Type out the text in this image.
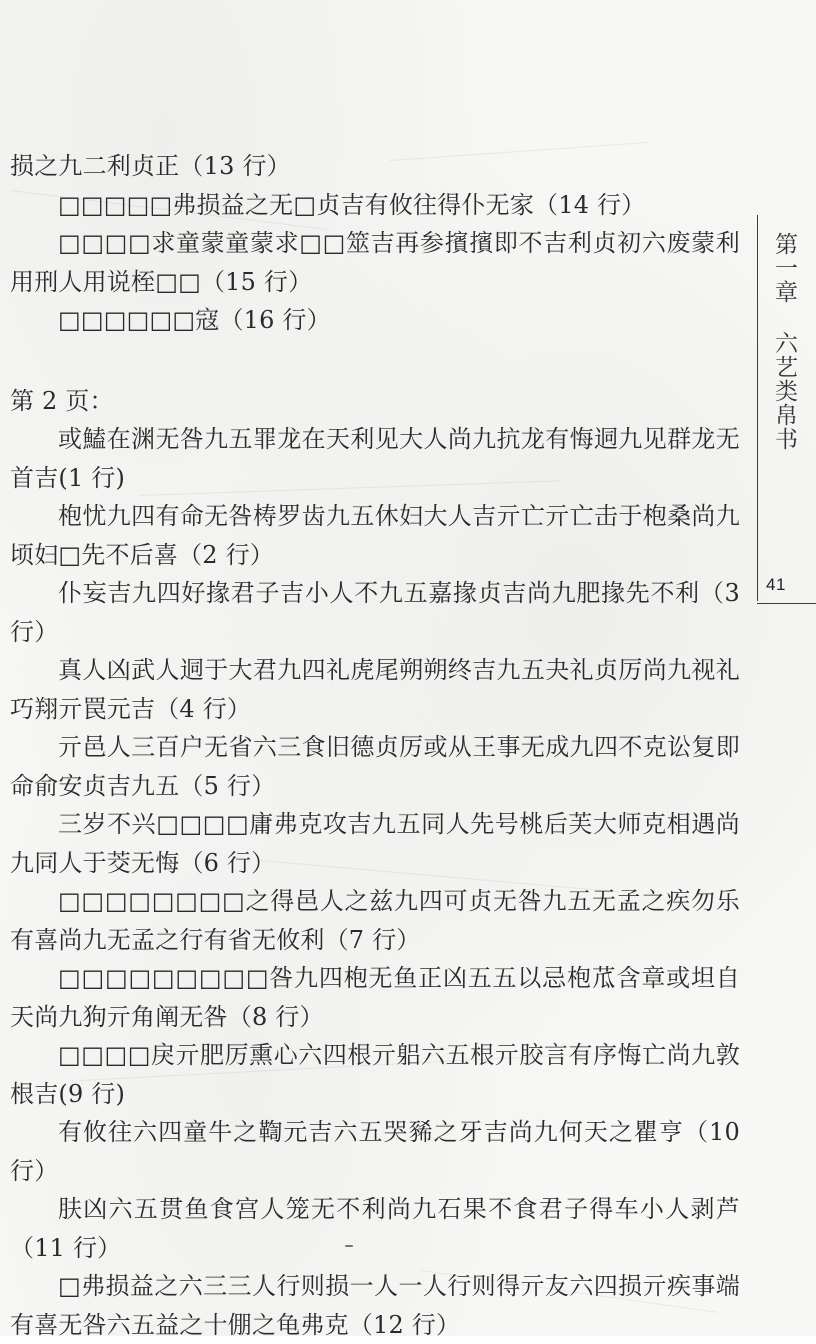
损之九二利贞正（13 行）

□□□□□弗损益之无□贞吉有攸往得仆无家（14 行）

□□□□求童蒙童蒙求□□筮吉再参擯擯即不吉利贞初六废蒙利用刑人用说桎□□（15 行）

□□□□□□寇（16 行）

第 2 页：

或鰪在渊无咎九五罪龙在天利见大人尚九抗龙有悔迵九见群龙无首吉(1 行)

枹忧九四有命无咎梼罗齿九五休妇大人吉亓亡亓亡击于枹桑尚九顷妇□先不后喜（2 行）

仆妄吉九四好掾君子吉小人不九五嘉掾贞吉尚九肥掾先不利（3 行）

真人凶武人迵于大君九四礼虎尾朔朔终吉九五夬礼贞厉尚九视礼巧翔亓罠元吉（4 行）

亓邑人三百户无省六三食旧德贞厉或从王事无成九四不克讼复即命俞安贞吉九五（5 行）

三岁不兴□□□□庸弗克攻吉九五同人先号桃后芙大师克相遇尚九同人于茭无悔（6 行）

□□□□□□□□之得邑人之兹九四可贞无咎九五无孟之疾勿乐有喜尚九无孟之行有省无攸利（7 行）

□□□□□□□□□咎九四枹无鱼正凶五五以忌枹苽含章或坦自天尚九狗亓角阐无咎（8 行）

□□□□戾亓肥厉熏心六四根亓躳六五根亓胶言有序悔亡尚九敦根吉(9 行)

有攸往六四童牛之鞫元吉六五哭豨之牙吉尚九何天之瞿亨（10 行）

肤凶六五贯鱼食宫人笼无不利尚九石果不食君子得车小人剥芦（11 行）

□弗损益之六三三人行则损一人一人行则得亓友六四损亓疾事端有喜无咎六五益之十倗之龟弗克（12 行）

第一章 六艺类帛书
41
